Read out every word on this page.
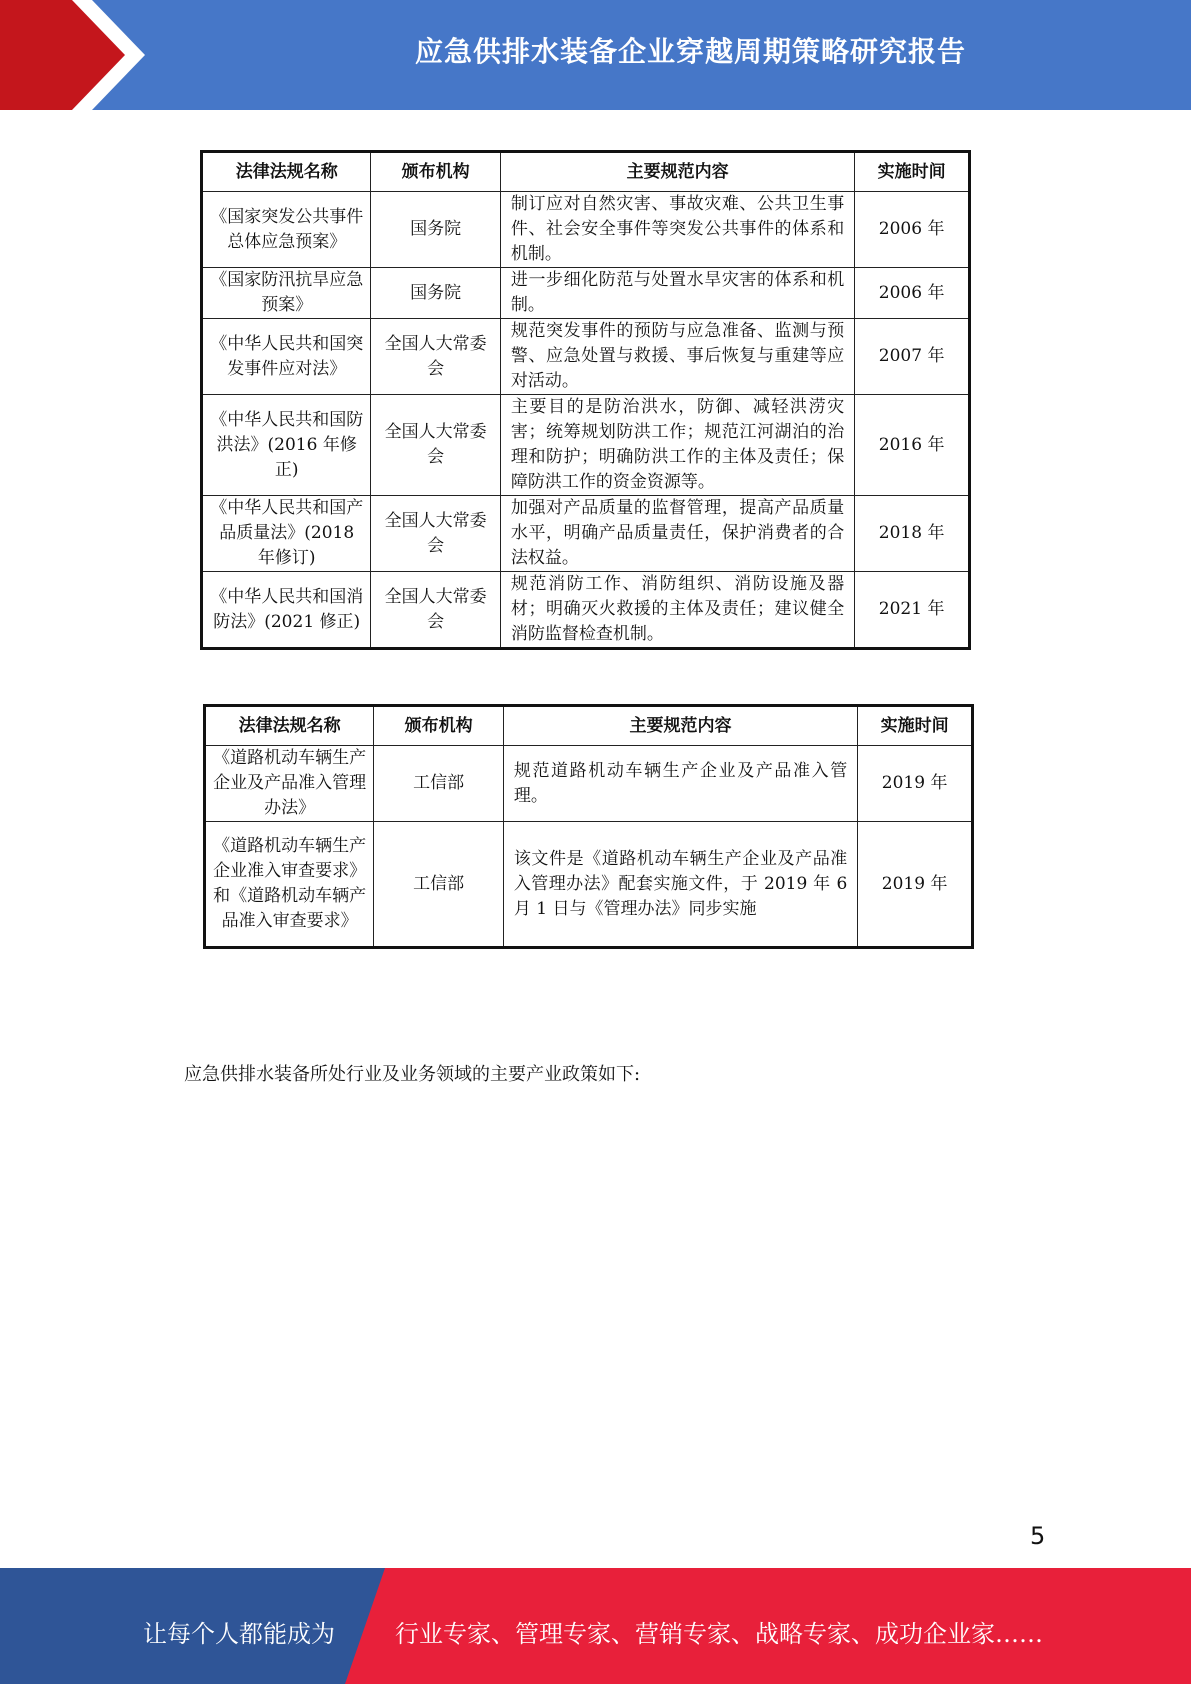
应急供排水装备企业穿越周期策略研究报告
法律法规名称	颁布机构	主要规范内容	实施时间
《国家突发公共事件总体应急预案》	国务院	制订应对自然灾害、事故灾难、公共卫生事件、社会安全事件等突发公共事件的体系和机制。	2006 年
《国家防汛抗旱应急预案》	国务院	进一步细化防范与处置水旱灾害的体系和机制。	2006 年
《中华人民共和国突发事件应对法》	全国人大常委会	规范突发事件的预防与应急准备、监测与预警、应急处置与救援、事后恢复与重建等应对活动。	2007 年
《中华人民共和国防洪法》(2016 年修正)	全国人大常委会	主要目的是防治洪水，防御、减轻洪涝灾害；统筹规划防洪工作；规范江河湖泊的治理和防护；明确防洪工作的主体及责任；保障防洪工作的资金资源等。	2016 年
《中华人民共和国产品质量法》(2018 年修订)	全国人大常委会	加强对产品质量的监督管理，提高产品质量水平，明确产品质量责任，保护消费者的合法权益。	2018 年
《中华人民共和国消防法》(2021 修正)	全国人大常委会	规范消防工作、消防组织、消防设施及器材；明确灭火救援的主体及责任；建议健全消防监督检查机制。	2021 年
法律法规名称	颁布机构	主要规范内容	实施时间
《道路机动车辆生产企业及产品准入管理办法》	工信部	规范道路机动车辆生产企业及产品准入管理。	2019 年
《道路机动车辆生产企业准入审查要求》和《道路机动车辆产品准入审查要求》	工信部	该文件是《道路机动车辆生产企业及产品准入管理办法》配套实施文件，于 2019 年 6 月 1 日与《管理办法》同步实施	2019 年
应急供排水装备所处行业及业务领域的主要产业政策如下:
5
让每个人都能成为	行业专家、管理专家、营销专家、战略专家、成功企业家……
